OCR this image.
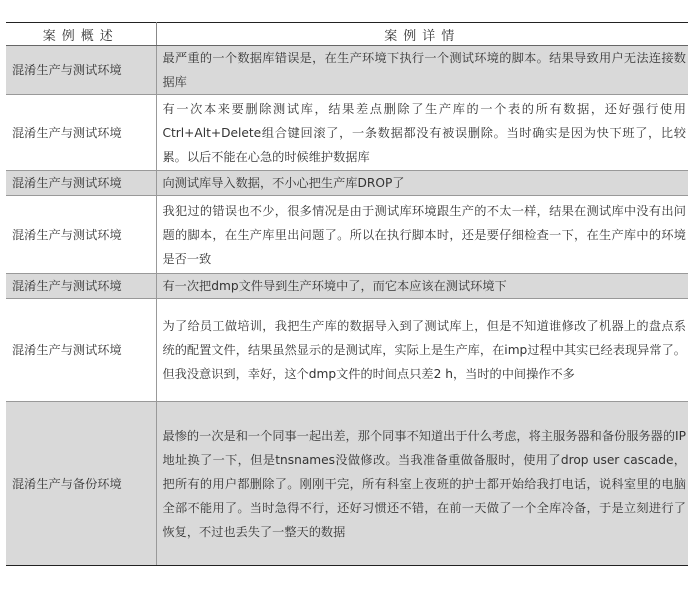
案例概述	案例详情
混淆生产与测试环境	最严重的一个数据库错误是，在生产环境下执行一个测试环境的脚本。结果导致用户无法连接数据库
混淆生产与测试环境	有一次本来要删除测试库，结果差点删除了生产库的一个表的所有数据，还好强行使用Ctrl+Alt+Delete组合键回滚了，一条数据都没有被误删除。当时确实是因为快下班了，比较累。以后不能在心急的时候维护数据库
混淆生产与测试环境	向测试库导入数据，不小心把生产库DROP了
混淆生产与测试环境	我犯过的错误也不少，很多情况是由于测试库环境跟生产的不太一样，结果在测试库中没有出问题的脚本，在生产库里出问题了。所以在执行脚本时，还是要仔细检查一下，在生产库中的环境是否一致
混淆生产与测试环境	有一次把dmp文件导到生产环境中了，而它本应该在测试环境下
混淆生产与测试环境	为了给员工做培训，我把生产库的数据导入到了测试库上，但是不知道谁修改了机器上的盘点系统的配置文件，结果虽然显示的是测试库，实际上是生产库，在imp过程中其实已经表现异常了。但我没意识到，幸好，这个dmp文件的时间点只差2 h，当时的中间操作不多
混淆生产与备份环境	最惨的一次是和一个同事一起出差，那个同事不知道出于什么考虑，将主服务器和备份服务器的IP地址换了一下，但是tnsnames没做修改。当我准备重做备服时，使用了drop user cascade，把所有的用户都删除了。刚刚干完，所有科室上夜班的护士都开始给我打电话，说科室里的电脑全部不能用了。当时急得不行，还好习惯还不错，在前一天做了一个全库冷备，于是立刻进行了恢复，不过也丢失了一整天的数据
